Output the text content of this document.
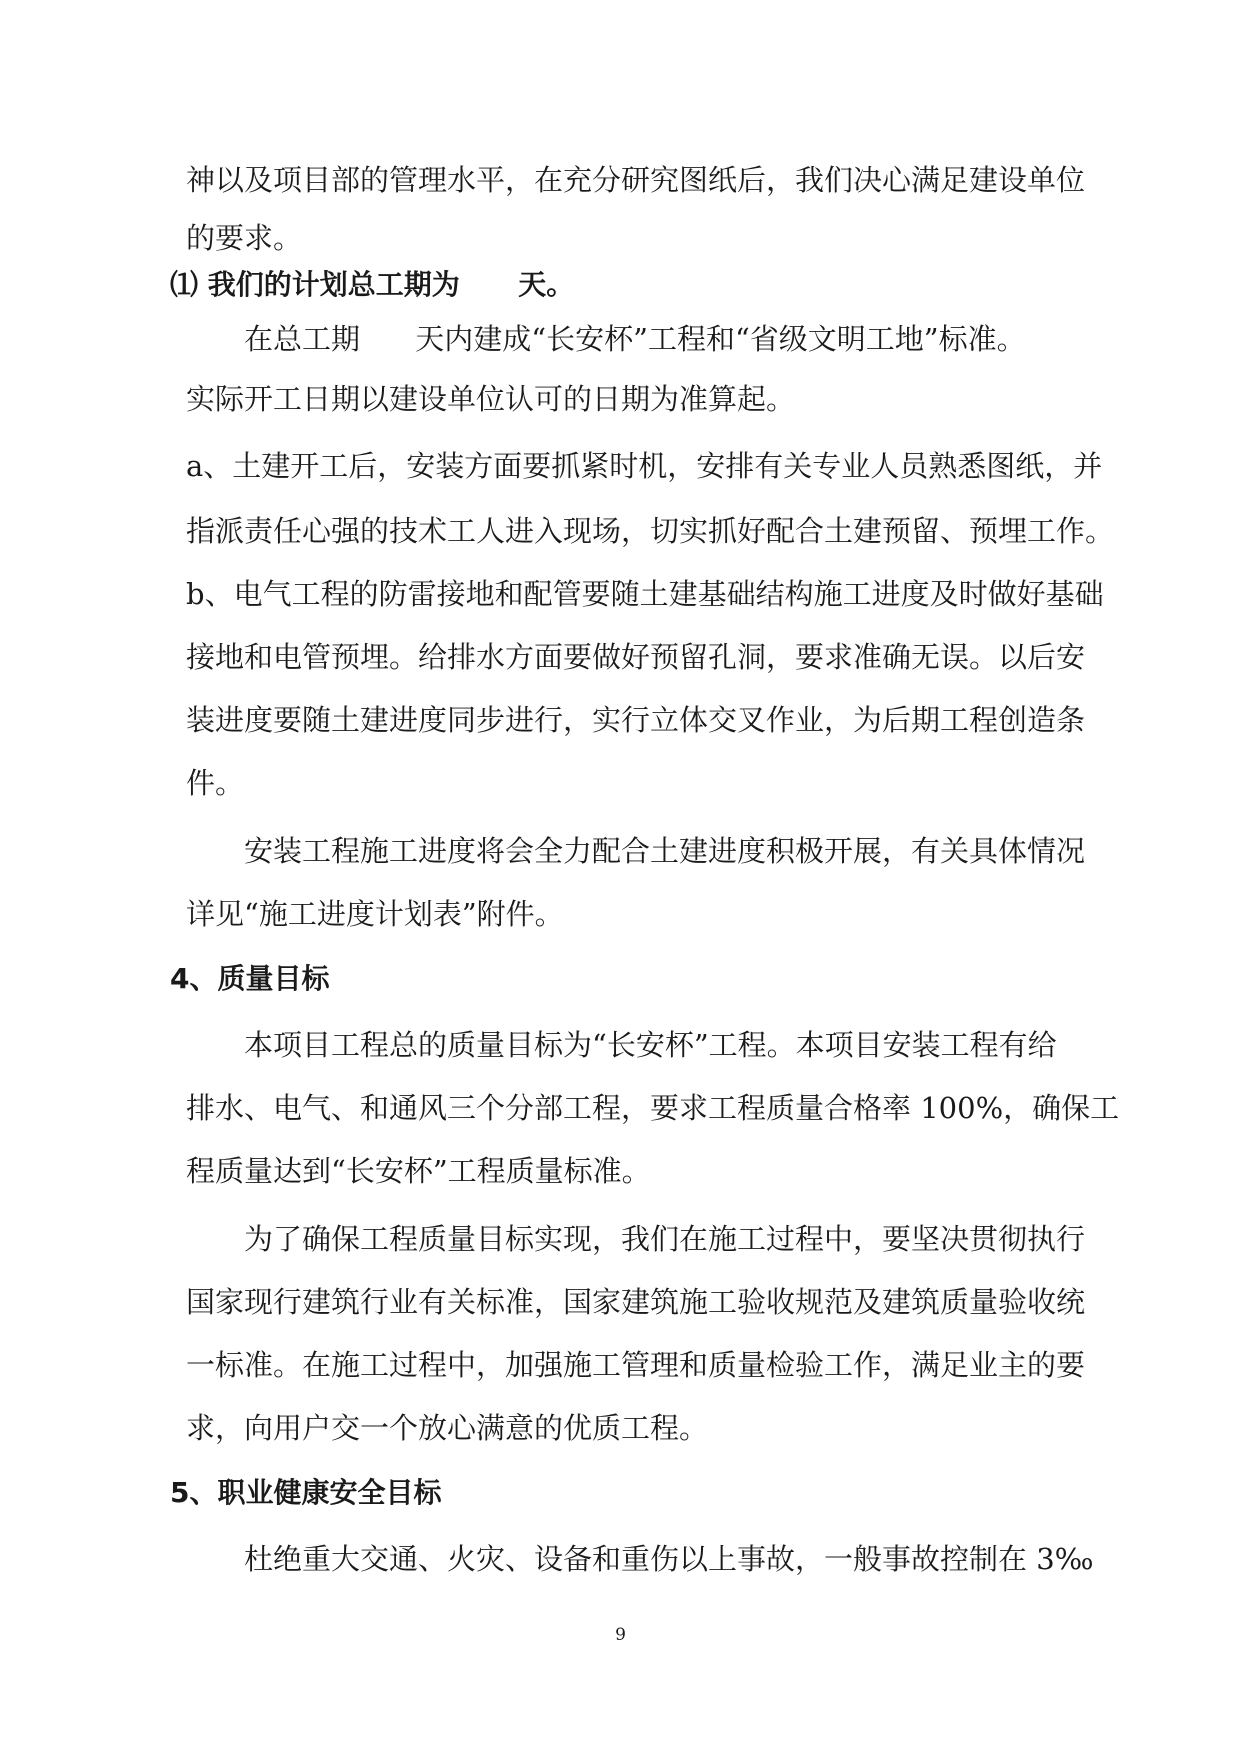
神以及项目部的管理水平，在充分研究图纸后，我们决心满足建设单位
的要求。
⑴ 我们的计划总工期为      天。
在总工期      天内建成“长安杯”工程和“省级文明工地”标准。
实际开工日期以建设单位认可的日期为准算起。
a、土建开工后，安装方面要抓紧时机，安排有关专业人员熟悉图纸，并
指派责任心强的技术工人进入现场，切实抓好配合土建预留、预埋工作。
b、电气工程的防雷接地和配管要随土建基础结构施工进度及时做好基础
接地和电管预埋。给排水方面要做好预留孔洞，要求准确无误。以后安
装进度要随土建进度同步进行，实行立体交叉作业，为后期工程创造条
件。
安装工程施工进度将会全力配合土建进度积极开展，有关具体情况
详见“施工进度计划表”附件。
4、质量目标
本项目工程总的质量目标为“长安杯”工程。本项目安装工程有给
排水、电气、和通风三个分部工程，要求工程质量合格率 100%，确保工
程质量达到“长安杯”工程质量标准。
为了确保工程质量目标实现，我们在施工过程中，要坚决贯彻执行
国家现行建筑行业有关标准，国家建筑施工验收规范及建筑质量验收统
一标准。在施工过程中，加强施工管理和质量检验工作，满足业主的要
求，向用户交一个放心满意的优质工程。
5、职业健康安全目标
杜绝重大交通、火灾、设备和重伤以上事故，一般事故控制在 3‰
9
